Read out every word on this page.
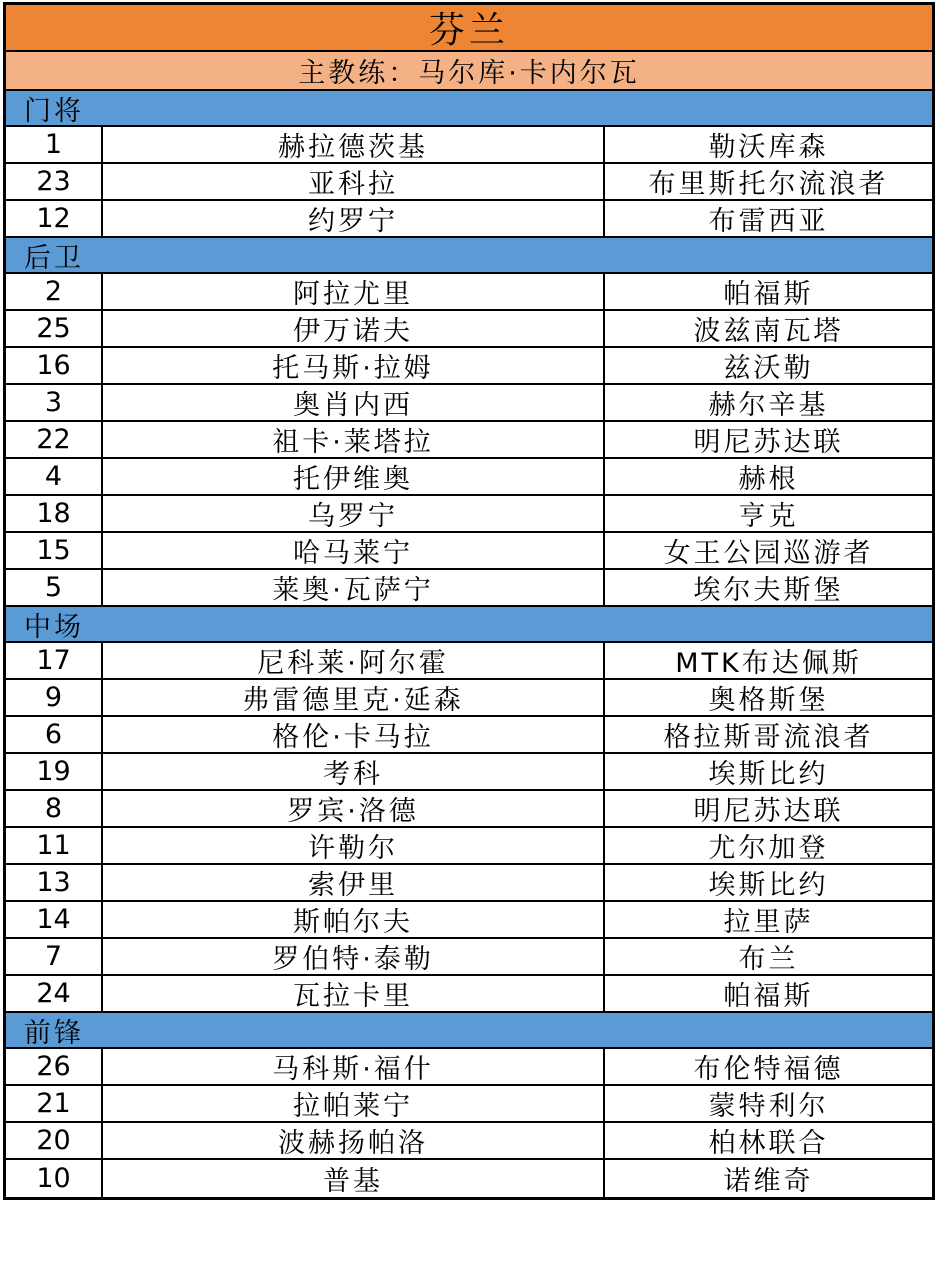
芬兰
主教练：马尔库·卡内尔瓦
门将
1	赫拉德茨基	勒沃库森
23	亚科拉	布里斯托尔流浪者
12	约罗宁	布雷西亚
后卫
2	阿拉尤里	帕福斯
25	伊万诺夫	波兹南瓦塔
16	托马斯·拉姆	兹沃勒
3	奥肖内西	赫尔辛基
22	祖卡·莱塔拉	明尼苏达联
4	托伊维奥	赫根
18	乌罗宁	亨克
15	哈马莱宁	女王公园巡游者
5	莱奥·瓦萨宁	埃尔夫斯堡
中场
17	尼科莱·阿尔霍	MTK布达佩斯
9	弗雷德里克·延森	奥格斯堡
6	格伦·卡马拉	格拉斯哥流浪者
19	考科	埃斯比约
8	罗宾·洛德	明尼苏达联
11	许勒尔	尤尔加登
13	索伊里	埃斯比约
14	斯帕尔夫	拉里萨
7	罗伯特·泰勒	布兰
24	瓦拉卡里	帕福斯
前锋
26	马科斯·福什	布伦特福德
21	拉帕莱宁	蒙特利尔
20	波赫扬帕洛	柏林联合
10	普基	诺维奇
